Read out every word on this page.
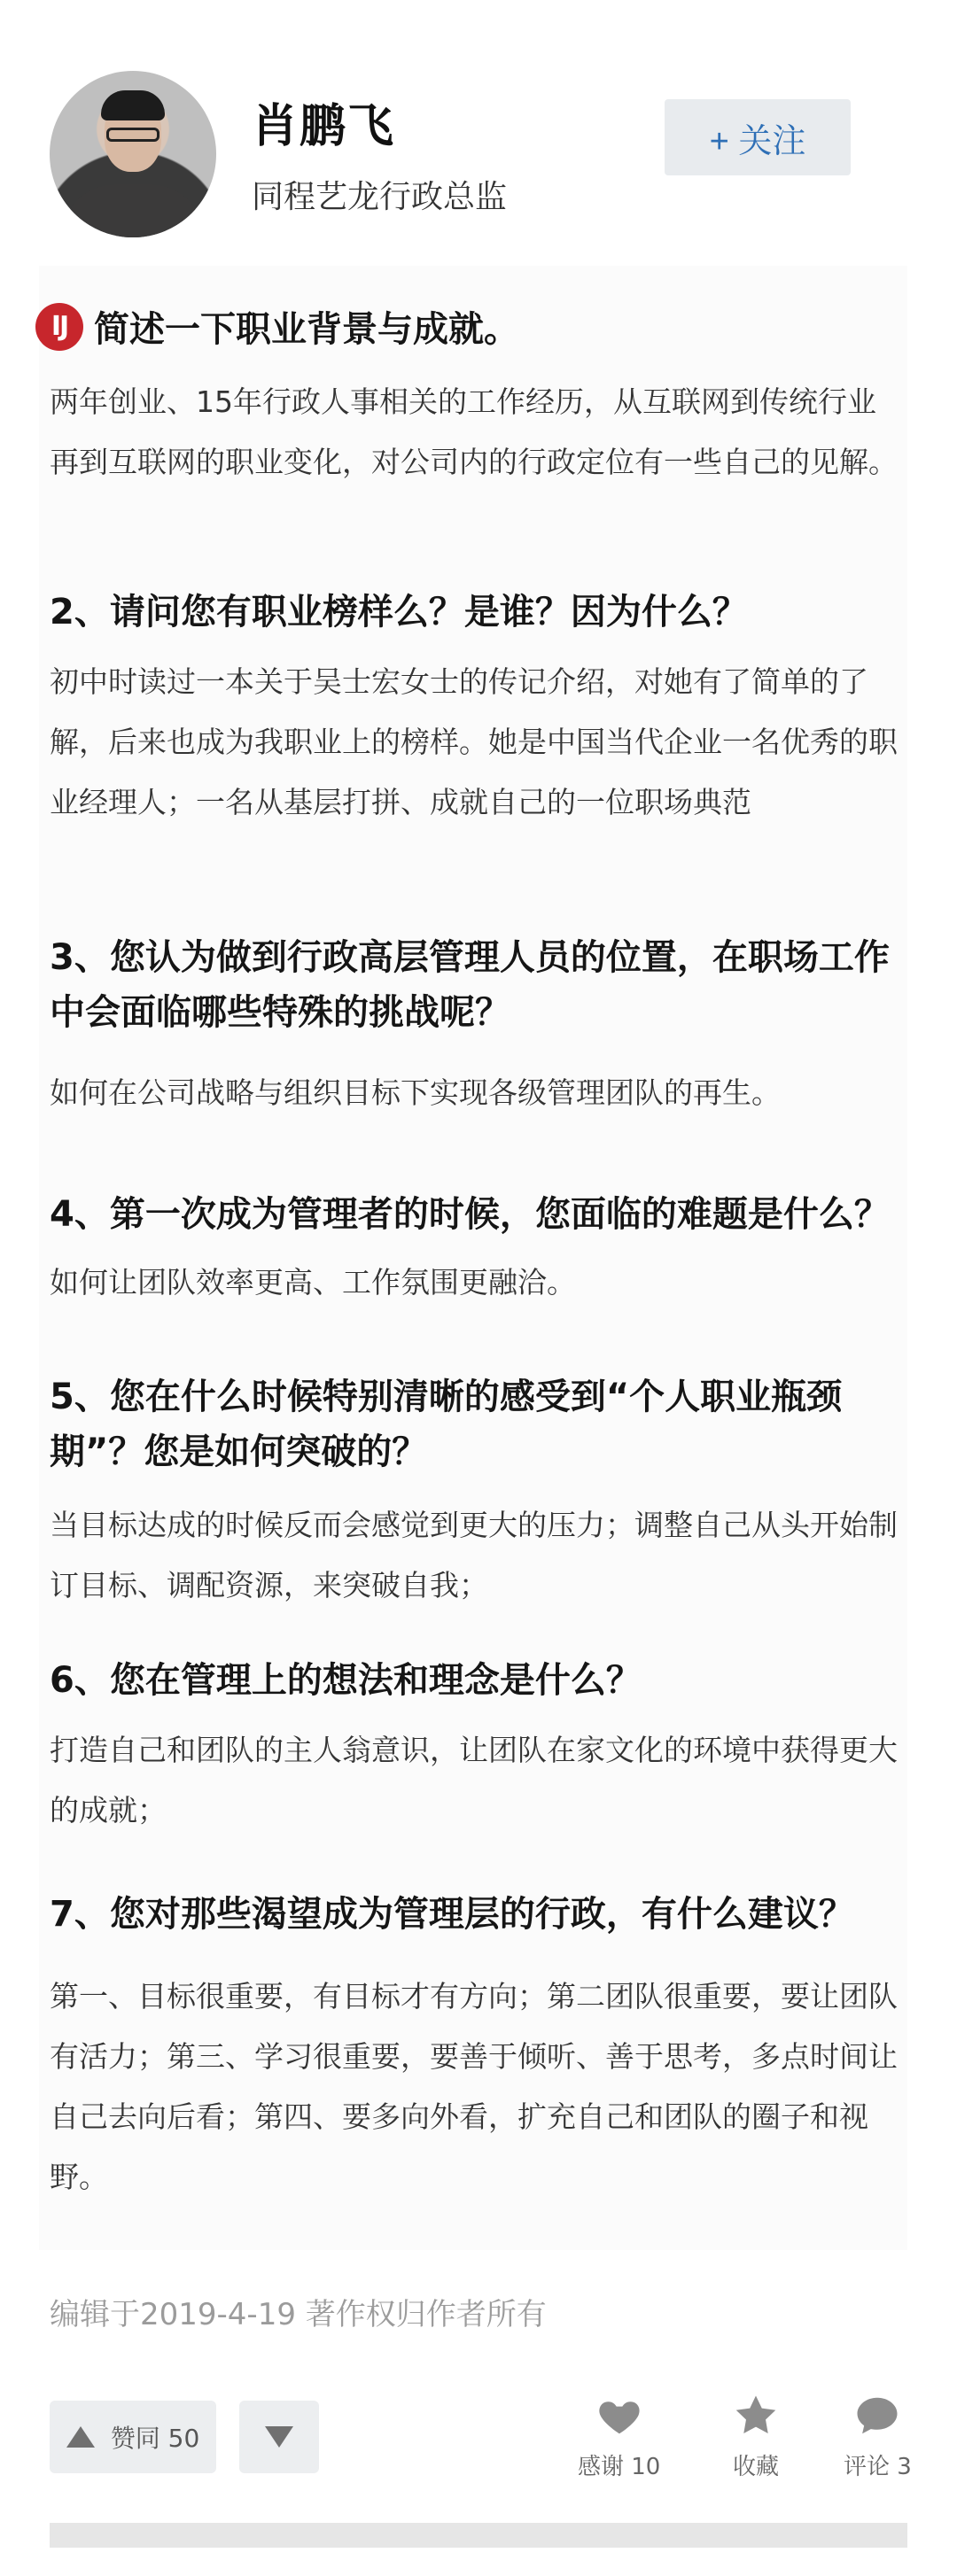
肖鹏飞
同程艺龙行政总监
+ 关注
IJ 简述一下职业背景与成就。
两年创业、15年行政人事相关的工作经历，从互联网到传统行业再到互联网的职业变化，对公司内的行政定位有一些自己的见解。
2、请问您有职业榜样么？是谁？因为什么？
初中时读过一本关于吴士宏女士的传记介绍，对她有了简单的了解，后来也成为我职业上的榜样。她是中国当代企业一名优秀的职业经理人；一名从基层打拼、成就自己的一位职场典范
3、您认为做到行政高层管理人员的位置，在职场工作中会面临哪些特殊的挑战呢？
如何在公司战略与组织目标下实现各级管理团队的再生。
4、第一次成为管理者的时候，您面临的难题是什么？
如何让团队效率更高、工作氛围更融洽。
5、您在什么时候特别清晰的感受到“个人职业瓶颈期”？您是如何突破的？
当目标达成的时候反而会感觉到更大的压力；调整自己从头开始制订目标、调配资源，来突破自我；
6、您在管理上的想法和理念是什么？
打造自己和团队的主人翁意识，让团队在家文化的环境中获得更大的成就；
7、您对那些渴望成为管理层的行政，有什么建议？
第一、目标很重要，有目标才有方向；第二团队很重要，要让团队有活力；第三、学习很重要，要善于倾听、善于思考，多点时间让自己去向后看；第四、要多向外看，扩充自己和团队的圈子和视野。
编辑于2019-4-19 著作权归作者所有
赞同 50
感谢 10	收藏	评论 3
